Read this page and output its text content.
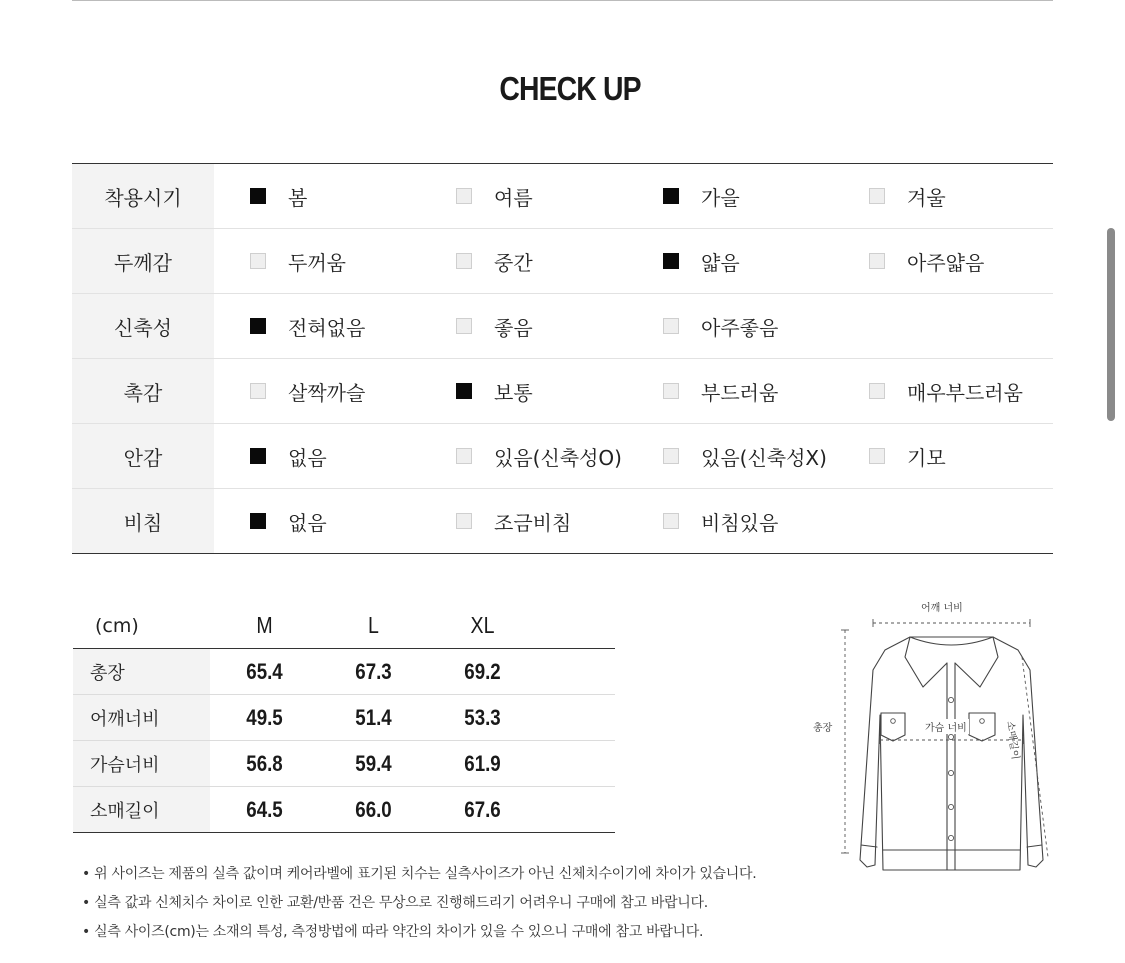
CHECK UP
착용시기	봄	여름	가을	겨울
두께감	두꺼움	중간	얇음	아주얇음
신축성	전혀없음	좋음	아주좋음
촉감	살짝까슬	보통	부드러움	매우부드러움
안감	없음	있음(신축성O)	있음(신축성X)	기모
비침	없음	조금비침	비침있음
(cm)	M	L	XL
총장	65.4	67.3	69.2
어깨너비	49.5	51.4	53.3
가슴너비	56.8	59.4	61.9
소매길이	64.5	66.0	67.6
어깨 너비
총장	가슴 너비	소매길이
• 위 사이즈는 제품의 실측 값이며 케어라벨에 표기된 치수는 실측사이즈가 아닌 신체치수이기에 차이가 있습니다.
• 실측 값과 신체치수 차이로 인한 교환/반품 건은 무상으로 진행해드리기 어려우니 구매에 참고 바랍니다.
• 실측 사이즈(cm)는 소재의 특성, 측정방법에 따라 약간의 차이가 있을 수 있으니 구매에 참고 바랍니다.
